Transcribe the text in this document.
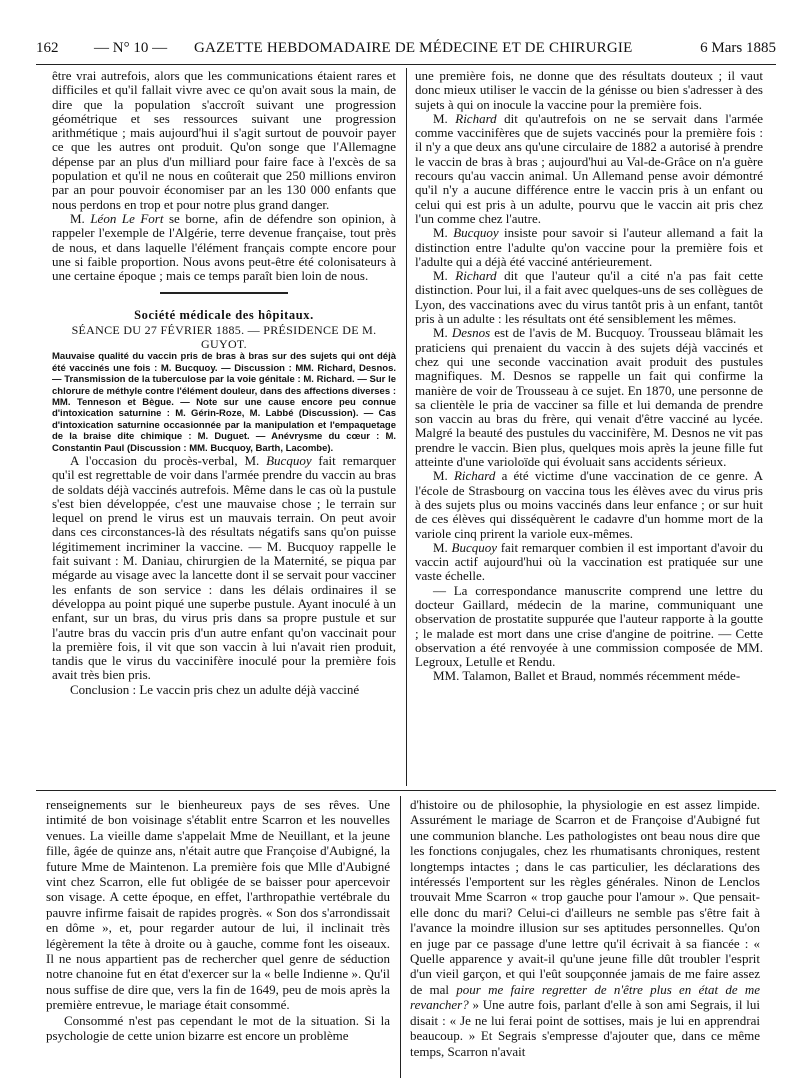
162 — N° 10 — GAZETTE HEBDOMADAIRE DE MÉDECINE ET DE CHIRURGIE	6 Mars 1885

être vrai autrefois, alors que les communications étaient rares et difficiles et qu'il fallait vivre avec ce qu'on avait sous la main, de dire que la population s'accroît suivant une progression géométrique et ses ressources suivant une progression arithmétique ; mais aujourd'hui il s'agit surtout de pouvoir payer ce que les autres ont produit. Qu'on songe que l'Allemagne dépense par an plus d'un milliard pour faire face à l'excès de sa population et qu'il ne nous en coûterait que 250 millions environ par an pour pouvoir économiser par an les 130 000 enfants que nous perdons en trop et pour notre plus grand danger.

M. Léon Le Fort se borne, afin de défendre son opinion, à rappeler l'exemple de l'Algérie, terre devenue française, tout près de nous, et dans laquelle l'élément français compte encore pour une si faible proportion. Nous avons peut-être été colonisateurs à une certaine époque ; mais ce temps paraît bien loin de nous.

Société médicale des hôpitaux.

SÉANCE DU 27 FÉVRIER 1885. — PRÉSIDENCE DE M. GUYOT.

Mauvaise qualité du vaccin pris de bras à bras sur des sujets qui ont déjà été vaccinés une fois : M. Bucquoy. — Discussion : MM. Richard, Desnos. — Transmission de la tuberculose par la voie génitale : M. Richard. — Sur le chlorure de méthyle contre l'élément douleur, dans des affections diverses : MM. Tenneson et Bègue. — Note sur une cause encore peu connue d'intoxication saturnine : M. Gérin-Roze, M. Labbé (Discussion). — Cas d'intoxication saturnine occasionnée par la manipulation et l'empaquetage de la braise dite chimique : M. Duguet. — Anévrysme du cœur : M. Constantin Paul (Discussion : MM. Bucquoy, Barth, Lacombe).

A l'occasion du procès-verbal, M. Bucquoy fait remarquer qu'il est regrettable de voir dans l'armée prendre du vaccin au bras de soldats déjà vaccinés autrefois. Même dans le cas où la pustule s'est bien développée, c'est une mauvaise chose ; le terrain sur lequel on prend le virus est un mauvais terrain. On peut avoir dans ces circonstances-là des résultats négatifs sans qu'on puisse légitimement incriminer la vaccine. — M. Bucquoy rappelle le fait suivant : M. Daniau, chirurgien de la Maternité, se piqua par mégarde au visage avec la lancette dont il se servait pour vacciner les enfants de son service : dans les délais ordinaires il se développa au point piqué une superbe pustule. Ayant inoculé à un enfant, sur un bras, du virus pris dans sa propre pustule et sur l'autre bras du vaccin pris d'un autre enfant qu'on vaccinait pour la première fois, il vit que son vaccin à lui n'avait rien produit, tandis que le virus du vaccinifère inoculé pour la première fois avait très bien pris.

Conclusion : Le vaccin pris chez un adulte déjà vacciné

une première fois, ne donne que des résultats douteux ; il vaut donc mieux utiliser le vaccin de la génisse ou bien s'adresser à des sujets à qui on inocule la vaccine pour la première fois.

M. Richard dit qu'autrefois on ne se servait dans l'armée comme vaccinifères que de sujets vaccinés pour la première fois : il n'y a que deux ans qu'une circulaire de 1882 a autorisé à prendre le vaccin de bras à bras ; aujourd'hui au Val-de-Grâce on n'a guère recours qu'au vaccin animal. Un Allemand pense avoir démontré qu'il n'y a aucune différence entre le vaccin pris à un enfant ou celui qui est pris à un adulte, pourvu que le vaccin ait pris chez l'un comme chez l'autre.

M. Bucquoy insiste pour savoir si l'auteur allemand a fait la distinction entre l'adulte qu'on vaccine pour la première fois et l'adulte qui a déjà été vacciné antérieurement.

M. Richard dit que l'auteur qu'il a cité n'a pas fait cette distinction. Pour lui, il a fait avec quelques-uns de ses collègues de Lyon, des vaccinations avec du virus tantôt pris à un enfant, tantôt pris à un adulte : les résultats ont été sensiblement les mêmes.

M. Desnos est de l'avis de M. Bucquoy. Trousseau blâmait les praticiens qui prenaient du vaccin à des sujets déjà vaccinés et chez qui une seconde vaccination avait produit des pustules magnifiques. M. Desnos se rappelle un fait qui confirme la manière de voir de Trousseau à ce sujet. En 1870, une personne de sa clientèle le pria de vacciner sa fille et lui demanda de prendre son vaccin au bras du frère, qui venait d'être vacciné au lycée. Malgré la beauté des pustules du vaccinifère, M. Desnos ne vit pas prendre le vaccin. Bien plus, quelques mois après la jeune fille fut atteinte d'une varioloïde qui évoluait sans accidents sérieux.

M. Richard a été victime d'une vaccination de ce genre. A l'école de Strasbourg on vaccina tous les élèves avec du virus pris à des sujets plus ou moins vaccinés dans leur enfance ; or sur huit de ces élèves qui disséquèrent le cadavre d'un homme mort de la variole cinq prirent la variole eux-mêmes.

M. Bucquoy fait remarquer combien il est important d'avoir du vaccin actif aujourd'hui où la vaccination est pratiquée sur une vaste échelle.

— La correspondance manuscrite comprend une lettre du docteur Gaillard, médecin de la marine, communiquant une observation de prostatite suppurée que l'auteur rapporte à la goutte ; le malade est mort dans une crise d'angine de poitrine. — Cette observation a été renvoyée à une commission composée de MM. Legroux, Letulle et Rendu.

MM. Talamon, Ballet et Braud, nommés récemment méde-

renseignements sur le bienheureux pays de ses rêves. Une intimité de bon voisinage s'établit entre Scarron et les nouvelles venues. La vieille dame s'appelait Mme de Neuillant, et la jeune fille, âgée de quinze ans, n'était autre que Françoise d'Aubigné, la future Mme de Maintenon. La première fois que Mlle d'Aubigné vint chez Scarron, elle fut obligée de se baisser pour apercevoir son visage. A cette époque, en effet, l'arthropathie vertébrale du pauvre infirme faisait de rapides progrès. « Son dos s'arrondissait en dôme », et, pour regarder autour de lui, il inclinait très légèrement la tête à droite ou à gauche, comme font les oiseaux. Il ne nous appartient pas de rechercher quel genre de séduction notre chanoine fut en état d'exercer sur la « belle Indienne ». Qu'il nous suffise de dire que, vers la fin de 1649, peu de mois après la première entrevue, le mariage était consommé.

Consommé n'est pas cependant le mot de la situation. Si la psychologie de cette union bizarre est encore un problème

d'histoire ou de philosophie, la physiologie en est assez limpide. Assurément le mariage de Scarron et de Françoise d'Aubigné fut une communion blanche. Les pathologistes ont beau nous dire que les fonctions conjugales, chez les rhumatisants chroniques, restent longtemps intactes ; dans le cas particulier, les déclarations des intéressés l'emportent sur les règles générales. Ninon de Lenclos trouvait Mme Scarron « trop gauche pour l'amour ». Que pensait-elle donc du mari? Celui-ci d'ailleurs ne semble pas s'être fait à l'avance la moindre illusion sur ses aptitudes personnelles. Qu'on en juge par ce passage d'une lettre qu'il écrivait à sa fiancée : « Quelle apparence y avait-il qu'une jeune fille dût troubler l'esprit d'un vieil garçon, et qui l'eût soupçonnée jamais de me faire assez de mal pour me faire regretter de n'être plus en état de me revancher? » Une autre fois, parlant d'elle à son ami Segrais, il lui disait : « Je ne lui ferai point de sottises, mais je lui en apprendrai beaucoup. » Et Segrais s'empresse d'ajouter que, dans ce même temps, Scarron n'avait
